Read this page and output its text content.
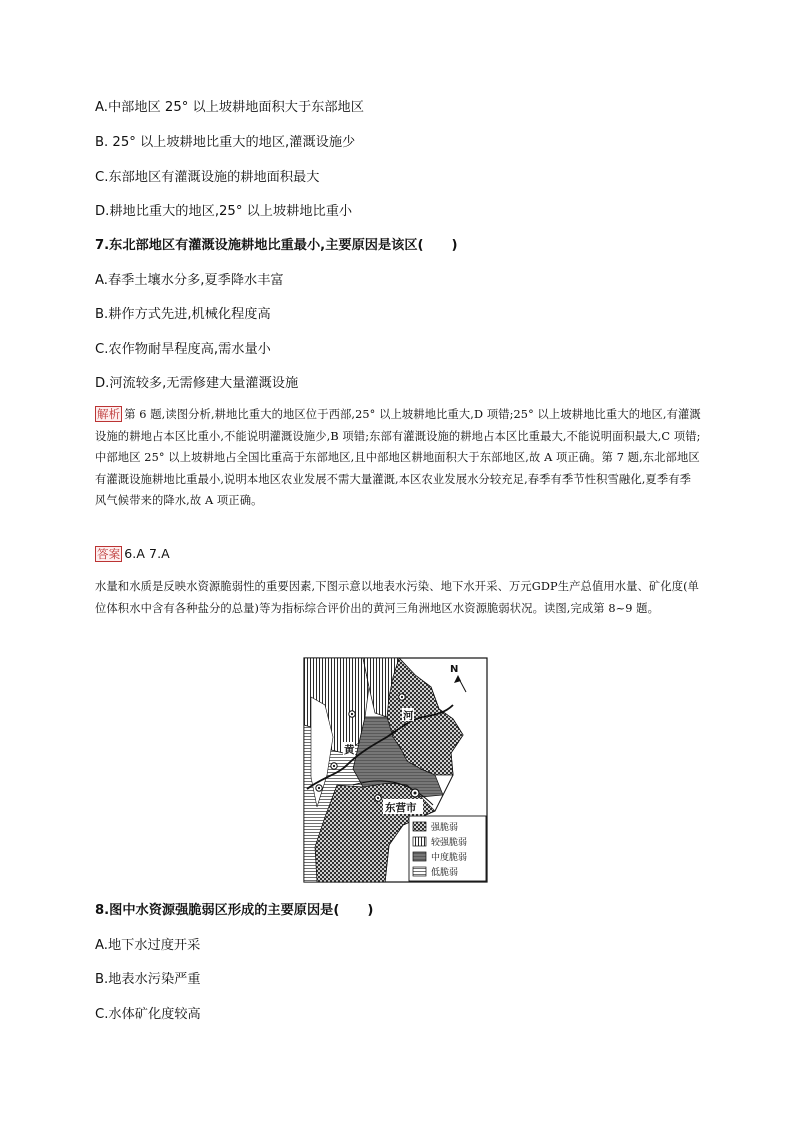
A.中部地区 25° 以上坡耕地面积大于东部地区
B. 25° 以上坡耕地比重大的地区,灌溉设施少
C.东部地区有灌溉设施的耕地面积最大
D.耕地比重大的地区,25° 以上坡耕地比重小
7.东北部地区有灌溉设施耕地比重最小,主要原因是该区( )
A.春季土壤水分多,夏季降水丰富
B.耕作方式先进,机械化程度高
C.农作物耐旱程度高,需水量小
D.河流较多,无需修建大量灌溉设施
解析 第 6 题,读图分析,耕地比重大的地区位于西部,25° 以上坡耕地比重大,D 项错;25° 以上坡耕地比重大的地区,有灌溉设施的耕地占本区比重小,不能说明灌溉设施少,B 项错;东部有灌溉设施的耕地占本区比重最大,不能说明面积最大,C 项错;中部地区 25° 以上坡耕地占全国比重高于东部地区,且中部地区耕地面积大于东部地区,故 A 项正确。第 7 题,东北部地区有灌溉设施耕地比重最小,说明本地区农业发展不需大量灌溉,本区农业发展水分较充足,春季有季节性积雪融化,夏季有季风气候带来的降水,故 A 项正确。
答案 6.A 7.A
水量和水质是反映水资源脆弱性的重要因素,下图示意以地表水污染、地下水开采、万元GDP生产总值用水量、矿化度(单位体积水中含有各种盐分的总量)等为指标综合评价出的黄河三角洲地区水资源脆弱状况。读图,完成第 8~9 题。
河
黄
东营市
N
强脆弱
较强脆弱
中度脆弱
低脆弱
8.图中水资源强脆弱区形成的主要原因是( )
A.地下水过度开采
B.地表水污染严重
C.水体矿化度较高
